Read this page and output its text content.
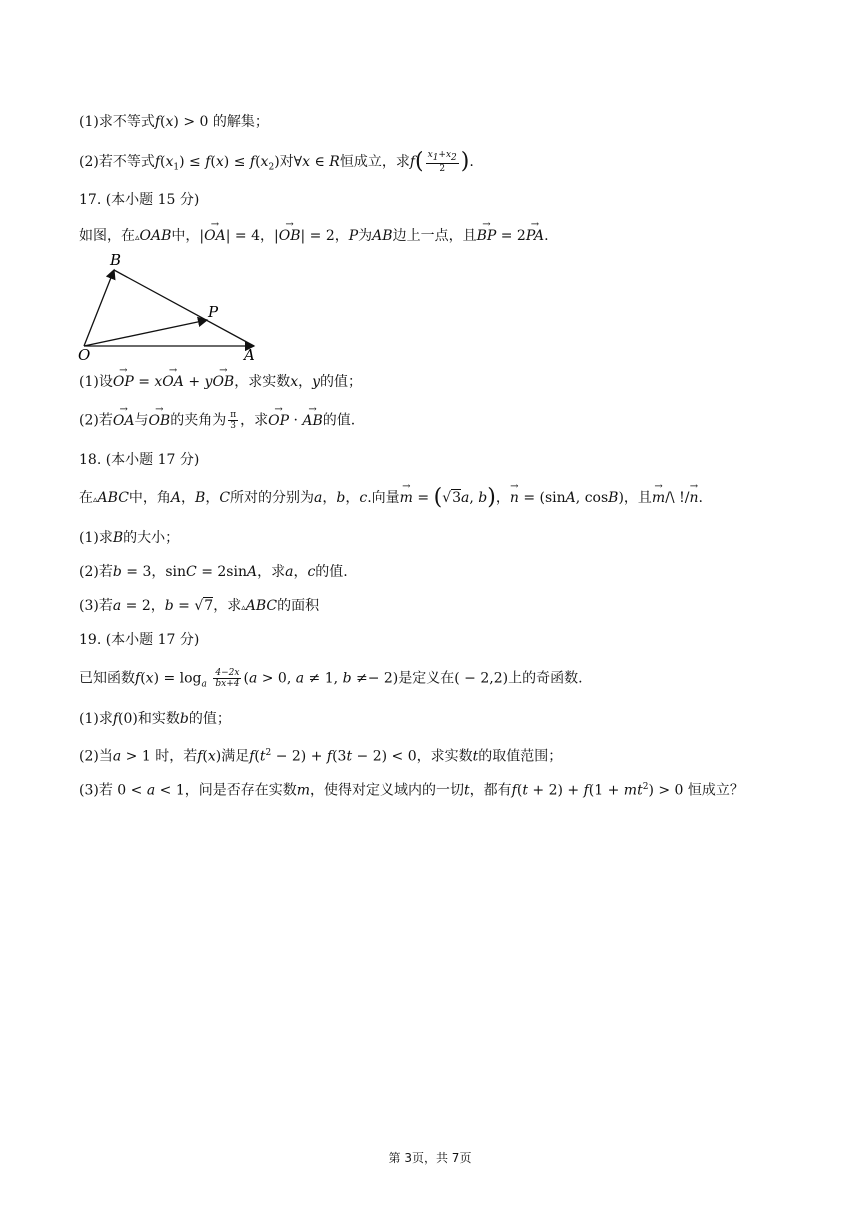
(1)求不等式f(x) > 0 的解集；
(2)若不等式$f(x_1) \le f(x) \le f(x_2)$对∀x ∈ R恒成立，求$f( \frac{x_1+x_2}{2}$ ).
17. (本小题 15 分)
如图，在▵OAB中，|OA →| = 4，|OB →| = 2，P为AB边上一点，且BP → = 2PA →.
B
P
O	A
(1)设OP → = xOA → + yOB →，求实数x，y的值；
(2)若OA →与OB →的夹角为 $\frac{\pi}{3}$ ，求OP → · AB →的值.
18. (本小题 17 分)
在▵ABC中，角A，B，C所对的分别为a，b，c.向量m → = (√3a, b)，n → = (sinA, cosB)，且m →/\ !/n →.
(1)求B的大小；
(2)若b = 3，sinC = 2sinA，求a，c的值.
(3)若a = 2，b = √7，求▵ABC的面积
19. (本小题 17 分)
已知函数$f(x) = \log_a \frac{4-2x}{bx+4} (a > 0$, a ≠ 1, b ≠− 2)是定义在( − 2,2)上的奇函数.
(1)求f(0)和实数b的值；
(2)当a > 1 时，若f(x)满足$f(t^2 - 2) + f(3t - 2) < 0$，求实数t的取值范围；
(3)若 0 < a < 1，问是否存在实数m，使得对定义域内的一切t，都有$f(t + 2) + f(1 + mt^2) > 0$ 恒成立？
第 3页，共 7页
